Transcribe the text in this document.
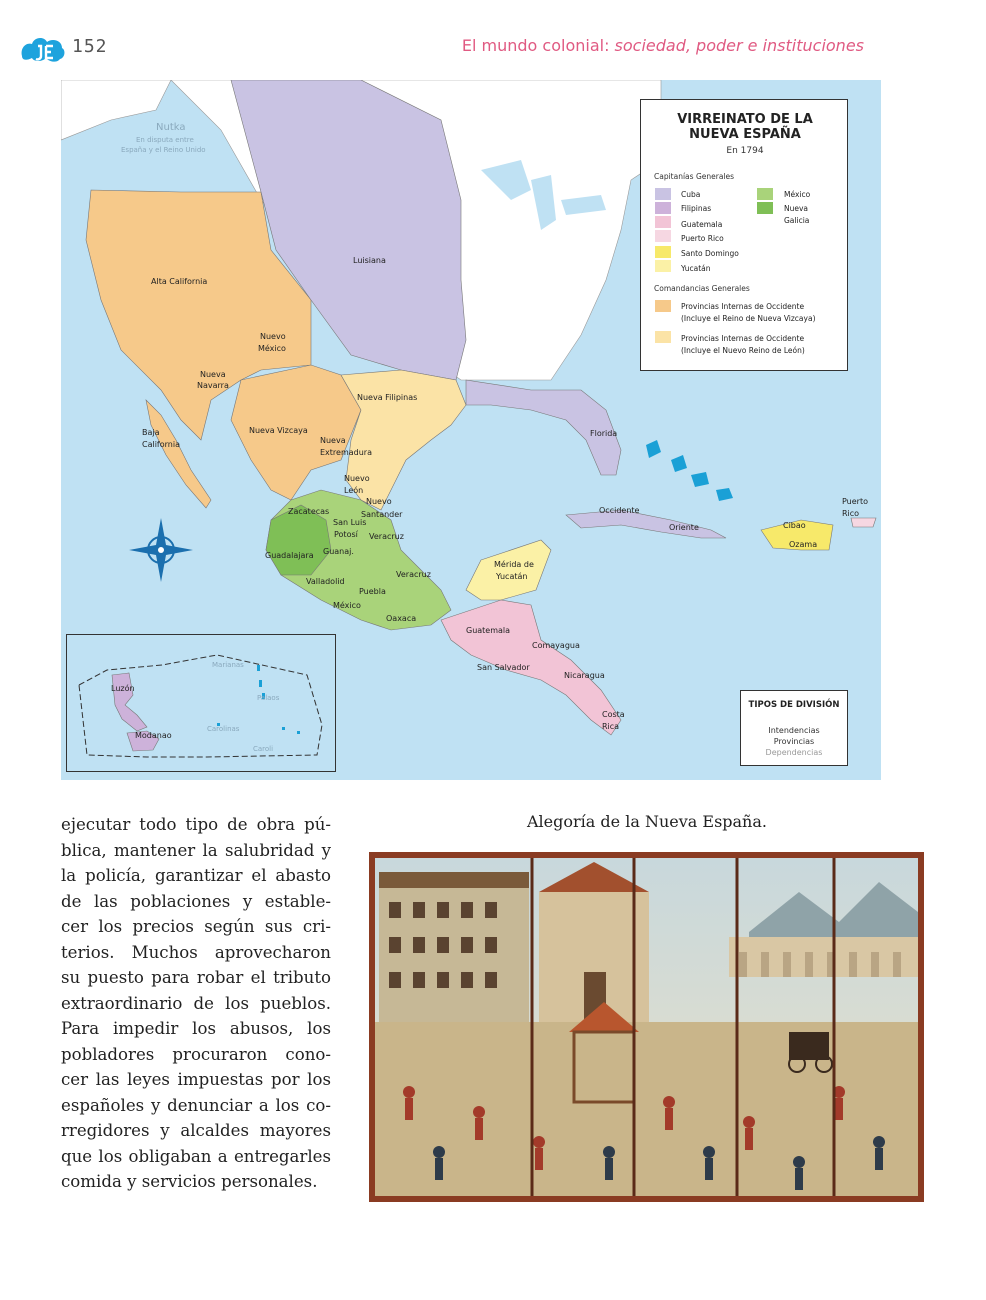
152	El mundo colonial: sociedad, poder e instituciones
Nutka
En disputa entre
España y el Reino Unido
Alta California
Luisiana
Nuevo
México
Nueva
Navarra
Nueva Filipinas
Baja
California
Nueva Vizcaya
Nueva
Extremadura
Florida
Nuevo
León
Zacatecas
Nuevo
Santander
San Luis
Potosí Veracruz
Guadalajara Guanaj.
Valladolid
Veracruz
Mérida de
Yucatán
Puebla
México
Oaxaca
Occidente
Oriente	Cibao
Ozama
Puerto
Rico
Guatemala
Comayagua
San Salvador
Nicaragua
Costa
Rica
Marianas
Palaos
Luzón
Carolinas
Modanao
Caroli
VIRREINATO DE LA
NUEVA ESPAÑA
En 1794
Capitanías Generales
Cuba
Filipinas
Guatemala
Puerto Rico
Santo Domingo
Yucatán
México
Nueva
Galicia
Comandancias Generales
Provincias Internas de Occidente
(Incluye el Reino de Nueva Vizcaya)
Provincias Internas de Occidente
(Incluye el Nuevo Reino de León)
TIPOS DE DIVISIÓN
Intendencias
Provincias
Dependencias
ejecutar todo tipo de obra pú-
blica, mantener la salubridad y
la policía, garantizar el abasto
de las poblaciones y estable-
cer los precios según sus cri-
terios. Muchos aprovecharon
su puesto para robar el tributo
extraordinario de los pueblos.
Para impedir los abusos, los
pobladores procuraron cono-
cer las leyes impuestas por los
españoles y denunciar a los co-
rregidores y alcaldes mayores
que los obligaban a entregarles
comida y servicios personales.
Alegoría de la Nueva España.
